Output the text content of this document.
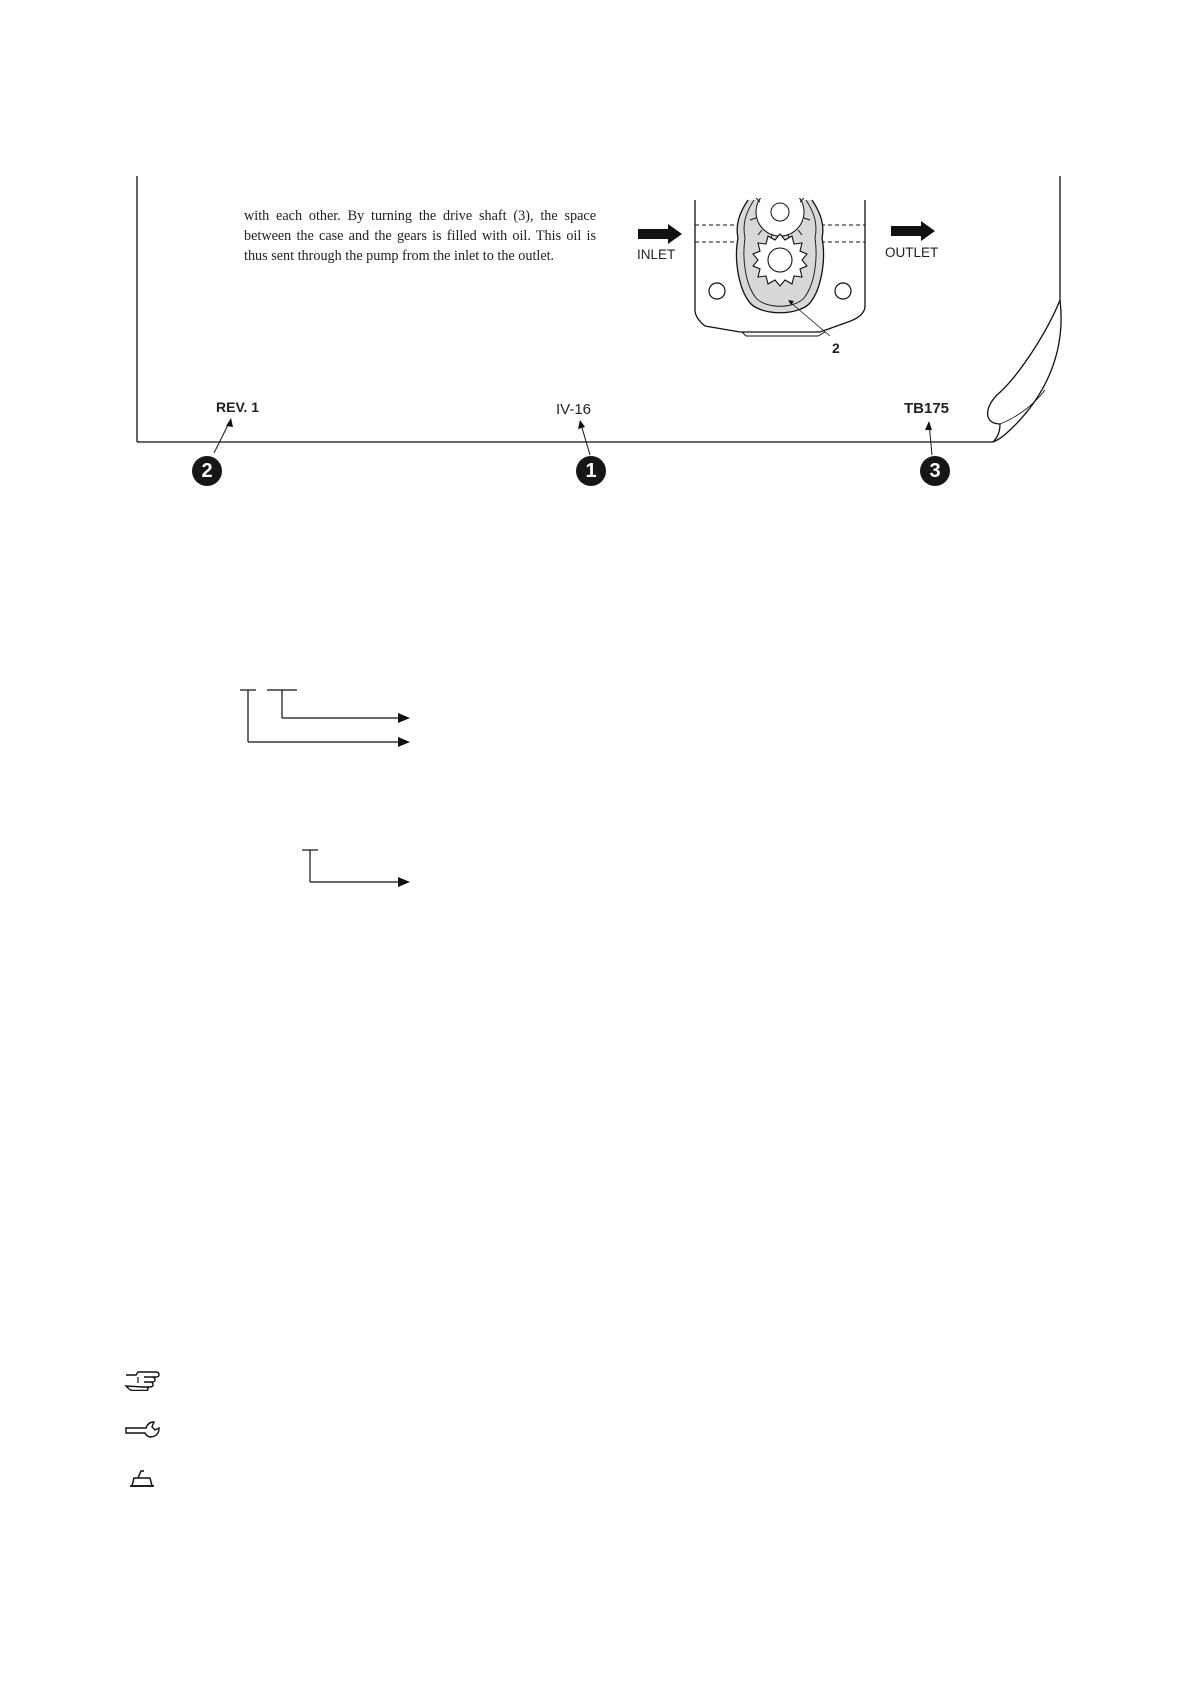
with each other. By turning the drive shaft (3), the space between the case and the gears is filled with oil. This oil is thus sent through the pump from the inlet to the outlet.	INLET	OUTLET
2
REV. 1	IV-16	TB175
2	1	3
